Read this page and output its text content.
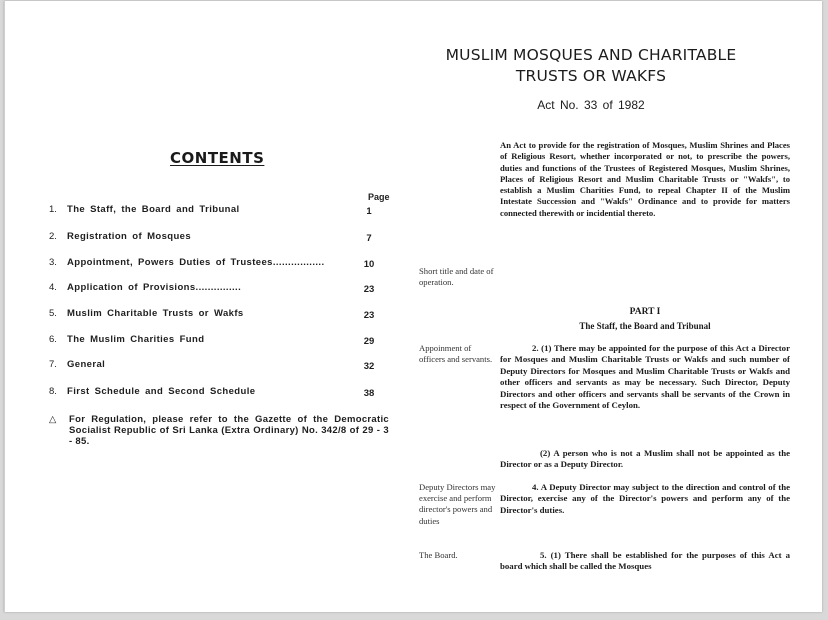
CONTENTS
Page
1. The Staff, the Board and Tribunal	1
2. Registration of Mosques	7
3. Appointment, Powers Duties of Trustees.................	10
4. Application of Provisions...............	23
5. Muslim Charitable Trusts or Wakfs	23
6. The Muslim Charities Fund	29
7. General	32
8. First Schedule and Second Schedule	38
△ For Regulation, please refer to the Gazette of the Democratic Socialist Republic of Sri Lanka (Extra Ordinary) No. 342/8 of 29 - 3 - 85.
MUSLIM MOSQUES AND CHARITABLE
TRUSTS OR WAKFS
Act No. 33 of 1982
An Act to provide for the registration of Mosques, Muslim Shrines and Places of Religious Resort, whether incorporated or not, to prescribe the powers, duties and functions of the Trustees of Registered Mosques, Muslim Shrines, Places of Religious Resort and Muslim Charitable Trusts or "Wakfs", to establish a Muslim Charities Fund, to repeal Chapter II of the Muslim Intestate Succession and "Wakfs" Ordinance and to provide for matters connected therewith or incidential thereto.
Short title and date of operation.
PART I
The Staff, the Board and Tribunal
Appoinment of officers and servants.
2. (1) There may be appointed for the purpose of this Act a Director for Mosques and Muslim Charitable Trusts or Wakfs and such number of Deputy Directors for Mosques and Muslim Charitable Trusts or Wakfs and other officers and servants as may be necessary. Such Director, Deputy Directors and other officers and servants shall be servants of the Crown in respect of the Government of Ceylon.
(2) A person who is not a Muslim shall not be appointed as the Director or as a Deputy Director.
Deputy Directors may exercise and perform director's powers and duties
4. A Deputy Director may subject to the direction and control of the Director, exercise any of the Director's powers and perform any of the Director's duties.
The Board.	5. (1) There shall be established for the purposes of this Act a board which shall be called the Mosques
